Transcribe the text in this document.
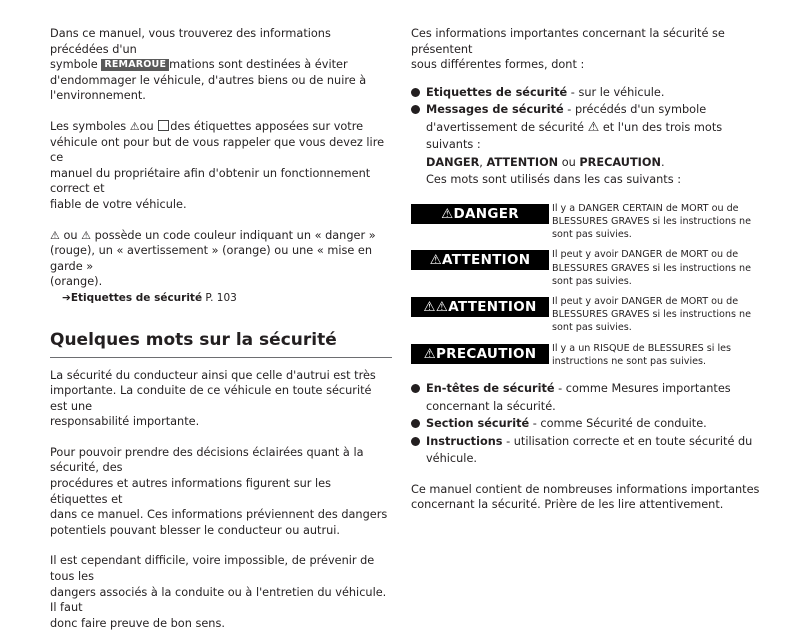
Dans ce manuel, vous trouverez des informations précédées d'un
symbole REMAROUE mations sont destinées à éviter
d'endommager le véhicule, d'autres biens ou de nuire à
l'environnement.

Les symboles ⚠ou des étiquettes apposées sur votre
véhicule ont pour but de vous rappeler que vous devez lire ce
manuel du propriétaire afin d'obtenir un fonctionnement correct et
fiable de votre véhicule.

⚠ ou ⚠ possède un code couleur indiquant un « danger »
(rouge), un « avertissement » (orange) ou une « mise en garde »
(orange).

➔Etiquettes de sécurité P. 103

Quelques mots sur la sécurité

La sécurité du conducteur ainsi que celle d'autrui est très
importante. La conduite de ce véhicule en toute sécurité est une
responsabilité importante.

Pour pouvoir prendre des décisions éclairées quant à la sécurité, des
procédures et autres informations figurent sur les étiquettes et
dans ce manuel. Ces informations préviennent des dangers
potentiels pouvant blesser le conducteur ou autrui.

Il est cependant difficile, voire impossible, de prévenir de tous les
dangers associés à la conduite ou à l'entretien du véhicule. Il faut
donc faire preuve de bon sens.

Ces informations importantes concernant la sécurité se présentent
sous différentes formes, dont :

Etiquettes de sécurité - sur le véhicule.
Messages de sécurité - précédés d'un symbole
d'avertissement de sécurité ⚠ et l'un des trois mots suivants :
DANGER, ATTENTION ou PRECAUTION.
Ces mots sont utilisés dans les cas suivants :
⚠ DANGER	Il y a DANGER CERTAIN de MORT ou de BLESSURES GRAVES si les instructions ne sont pas suivies.
⚠ ATTENTION Il peut y avoir DANGER de MORT ou de BLESSURES GRAVES si les instructions ne sont pas suivies.
⚠⚠ ATTENTION Il peut y avoir DANGER de MORT ou de BLESSURES GRAVES si les instructions ne sont pas suivies.
⚠ PRECAUTION Il y a un RISQUE de BLESSURES si les instructions ne sont pas suivies.
En-têtes de sécurité - comme Mesures importantes
concernant la sécurité.
Section sécurité - comme Sécurité de conduite.
Instructions - utilisation correcte et en toute sécurité du véhicule.

Ce manuel contient de nombreuses informations importantes
concernant la sécurité. Prière de les lire attentivement.
